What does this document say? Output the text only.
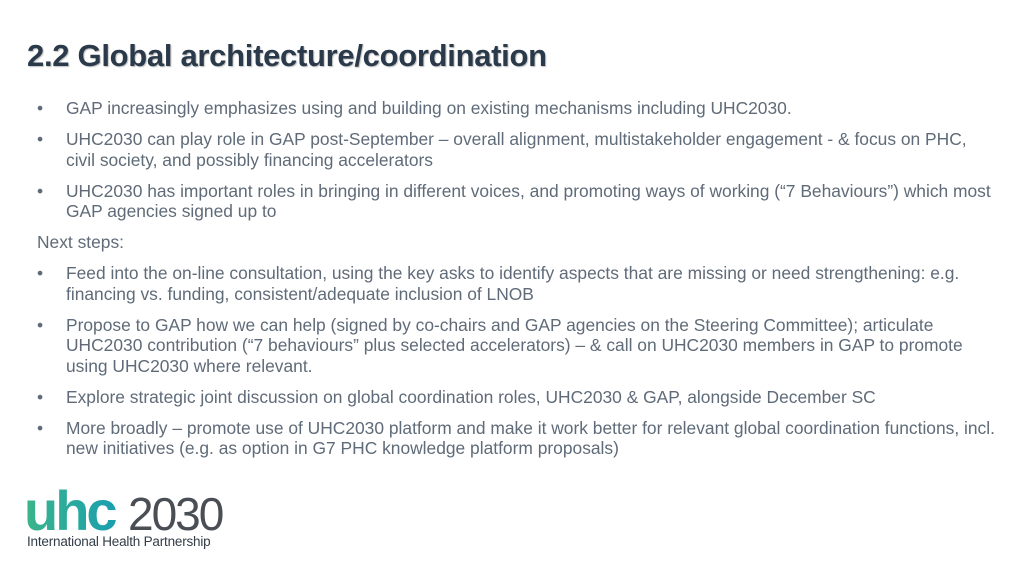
2.2 Global architecture/coordination
•	GAP increasingly emphasizes using and building on existing mechanisms including UHC2030.
•	UHC2030 can play role in GAP post-September – overall alignment, multistakeholder engagement - & focus on PHC, civil society, and possibly financing accelerators
•	UHC2030 has important roles in bringing in different voices, and promoting ways of working (“7 Behaviours”) which most GAP agencies signed up to
Next steps:
•	Feed into the on-line consultation, using the key asks to identify aspects that are missing or need strengthening: e.g. financing vs. funding, consistent/adequate inclusion of LNOB
•	Propose to GAP how we can help (signed by co-chairs and GAP agencies on the Steering Committee); articulate UHC2030 contribution (“7 behaviours” plus selected accelerators) – & call on UHC2030 members in GAP to promote using UHC2030 where relevant.
•	Explore strategic joint discussion on global coordination roles, UHC2030 & GAP, alongside December SC
•	More broadly – promote use of UHC2030 platform and make it work better for relevant global coordination functions, incl. new initiatives (e.g. as option in G7 PHC knowledge platform proposals)
uhc 2030
International Health Partnership
